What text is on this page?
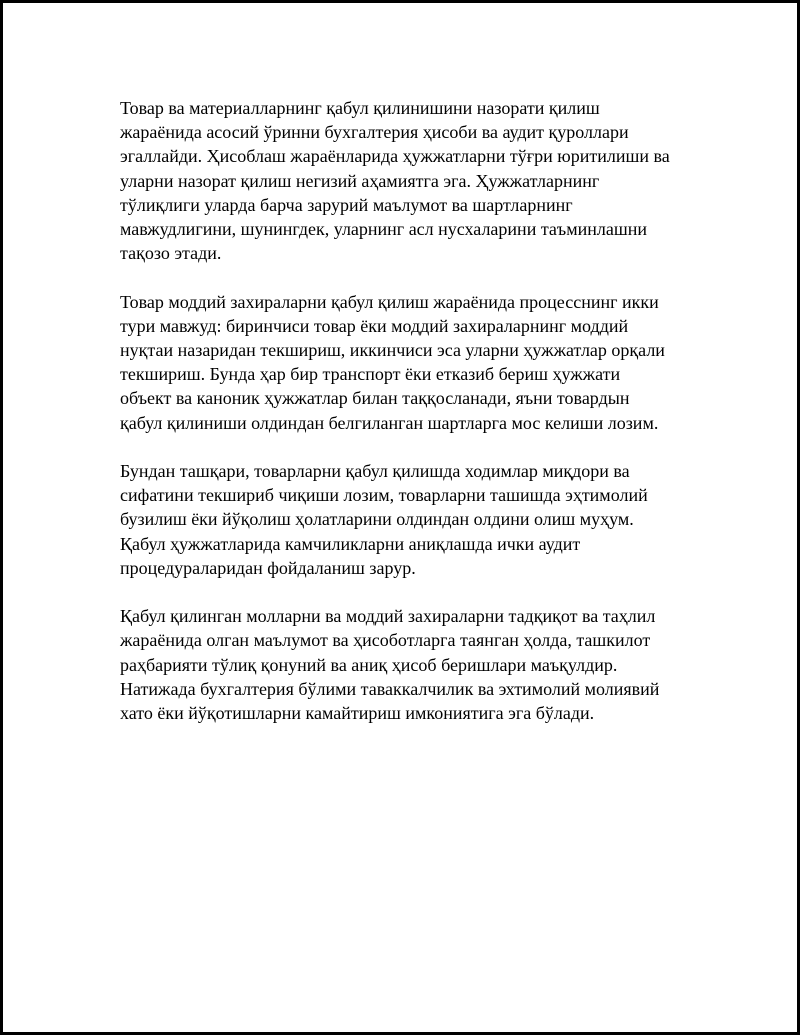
Товар ва материалларнинг қабул қилинишини назорати қилиш
жараёнида асосий ўринни бухгалтерия ҳисоби ва аудит қуроллари
эгаллайди. Ҳисоблаш жараёнларида ҳужжатларни тўғри юритилиши ва
уларни назорат қилиш негизий аҳамиятга эга. Ҳужжатларнинг
тўлиқлиги уларда барча зарурий маълумот ва шартларнинг
мавжудлигини, шунингдек, уларнинг асл нусхаларини таъминлашни
тақозо этади.

Товар моддий захираларни қабул қилиш жараёнида процесснинг икки
тури мавжуд: биринчиси товар ёки моддий захираларнинг моддий
нуқтаи назаридан текшириш, иккинчиси эса уларни ҳужжатлар орқали
текшириш. Бунда ҳар бир транспорт ёки етказиб бериш ҳужжати
объект ва каноник ҳужжатлар билан таққосланади, яъни товардын
қабул қилиниши олдиндан белгиланган шартларга мос келиши лозим.

Бундан ташқари, товарларни қабул қилишда ходимлар миқдори ва
сифатини текшириб чиқиши лозим, товарларни ташишда эҳтимолий
бузилиш ёки йўқолиш ҳолатларини олдиндан олдини олиш муҳум.
Қабул ҳужжатларида камчиликларни аниқлашда ички аудит
процедураларидан фойдаланиш зарур.

Қабул қилинган молларни ва моддий захираларни тадқиқот ва таҳлил
жараёнида олган маълумот ва ҳисоботларга таянган ҳолда, ташкилот
раҳбарияти тўлиқ қонуний ва аниқ ҳисоб беришлари маъқулдир.
Натижада бухгалтерия бўлими таваккалчилик ва эхтимолий молиявий
хато ёки йўқотишларни камайтириш имкониятига эга бўлади.
